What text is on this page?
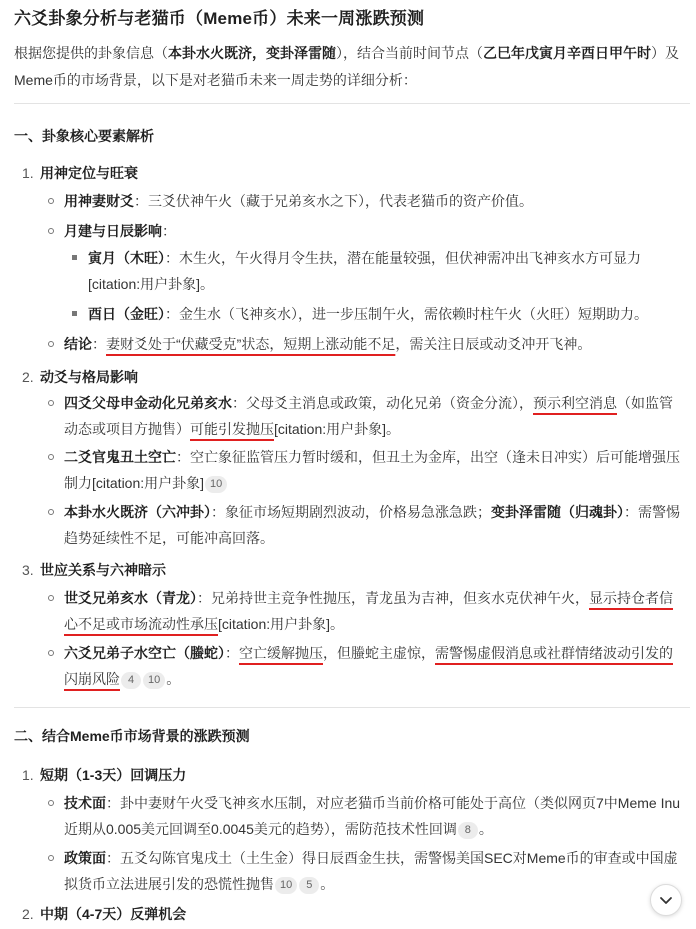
六爻卦象分析与老猫币（Meme币）未来一周涨跌预测
根据您提供的卦象信息（本卦水火既济，变卦泽雷随），结合当前时间节点（乙巳年戊寅月辛酉日甲午时）及Meme币的市场背景，以下是对老猫币未来一周走势的详细分析：
一、卦象核心要素解析
1. 用神定位与旺衰
用神妻财爻：三爻伏神午火（藏于兄弟亥水之下），代表老猫币的资产价值。
月建与日辰影响：
寅月（木旺）：木生火，午火得月令生扶，潜在能量较强，但伏神需冲出飞神亥水方可显力[citation:用户卦象]。
酉日（金旺）：金生水（飞神亥水），进一步压制午火，需依赖时柱午火（火旺）短期助力。
结论：妻财爻处于“伏藏受克”状态，短期上涨动能不足，需关注日辰或动爻冲开飞神。
2. 动爻与格局影响
四爻父母申金动化兄弟亥水：父母爻主消息或政策，动化兄弟（资金分流），预示利空消息（如监管动态或项目方抛售）可能引发抛压[citation:用户卦象]。
二爻官鬼丑土空亡：空亡象征监管压力暂时缓和，但丑土为金库，出空（逢未日冲实）后可能增强压制力[citation:用户卦象] 10
本卦水火既济（六冲卦）：象征市场短期剧烈波动，价格易急涨急跌；变卦泽雷随（归魂卦）：需警惕趋势延续性不足，可能冲高回落。
3. 世应关系与六神暗示
世爻兄弟亥水（青龙）：兄弟持世主竞争性抛压，青龙虽为吉神，但亥水克伏神午火，显示持仓者信心不足或市场流动性承压[citation:用户卦象]。
六爻兄弟子水空亡（螣蛇）：空亡缓解抛压，但螣蛇主虚惊，需警惕虚假消息或社群情绪波动引发的闪崩风险 4 10 。
二、结合Meme币市场背景的涨跌预测
1. 短期（1-3天）回调压力
技术面：卦中妻财午火受飞神亥水压制，对应老猫币当前价格可能处于高位（类似网页7中Meme Inu近期从0.005美元回调至0.0045美元的趋势），需防范技术性回调 8 。
政策面：五爻勾陈官鬼戌土（土生金）得日辰酉金生扶，需警惕美国SEC对Meme币的审查或中国虚拟货币立法进展引发的恐慌性抛售 10 5 。
2. 中期（4-7天）反弹机会
